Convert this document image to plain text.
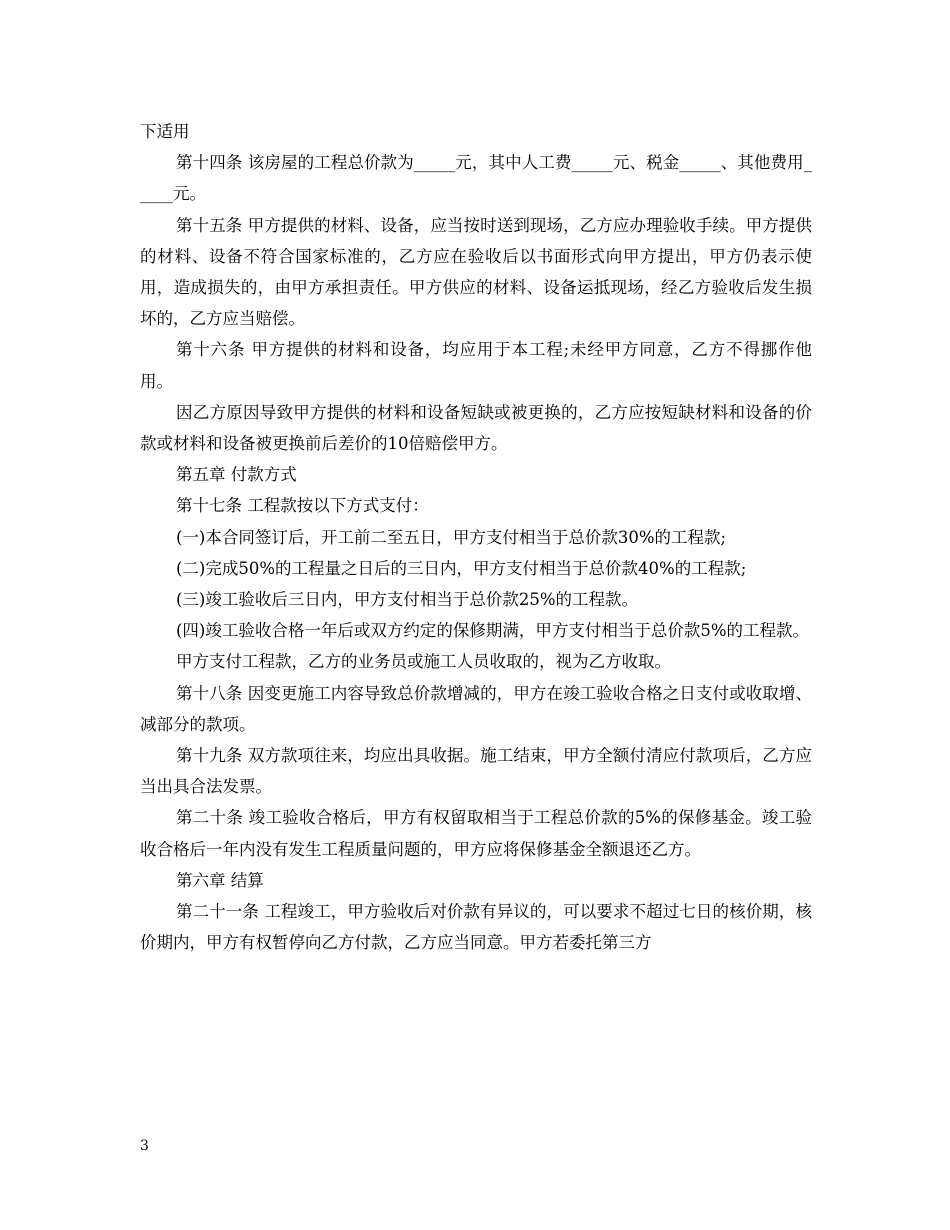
下适用

第十四条 该房屋的工程总价款为_____元，其中人工费_____元、税金_____、其他费用_____元。

第十五条 甲方提供的材料、设备，应当按时送到现场，乙方应办理验收手续。甲方提供的材料、设备不符合国家标准的，乙方应在验收后以书面形式向甲方提出，甲方仍表示使用，造成损失的，由甲方承担责任。甲方供应的材料、设备运抵现场，经乙方验收后发生损坏的，乙方应当赔偿。

第十六条 甲方提供的材料和设备，均应用于本工程;未经甲方同意，乙方不得挪作他用。

因乙方原因导致甲方提供的材料和设备短缺或被更换的，乙方应按短缺材料和设备的价款或材料和设备被更换前后差价的10倍赔偿甲方。

第五章 付款方式

第十七条 工程款按以下方式支付：

(一)本合同签订后，开工前二至五日，甲方支付相当于总价款30%的工程款;

(二)完成50%的工程量之日后的三日内，甲方支付相当于总价款40%的工程款;

(三)竣工验收后三日内，甲方支付相当于总价款25%的工程款。

(四)竣工验收合格一年后或双方约定的保修期满，甲方支付相当于总价款5%的工程款。

甲方支付工程款，乙方的业务员或施工人员收取的，视为乙方收取。

第十八条 因变更施工内容导致总价款增减的，甲方在竣工验收合格之日支付或收取增、减部分的款项。

第十九条 双方款项往来，均应出具收据。施工结束，甲方全额付清应付款项后，乙方应当出具合法发票。

第二十条 竣工验收合格后，甲方有权留取相当于工程总价款的5%的保修基金。竣工验收合格后一年内没有发生工程质量问题的，甲方应将保修基金全额退还乙方。

第六章 结算

第二十一条 工程竣工，甲方验收后对价款有异议的，可以要求不超过七日的核价期，核价期内，甲方有权暂停向乙方付款，乙方应当同意。甲方若委托第三方

3
